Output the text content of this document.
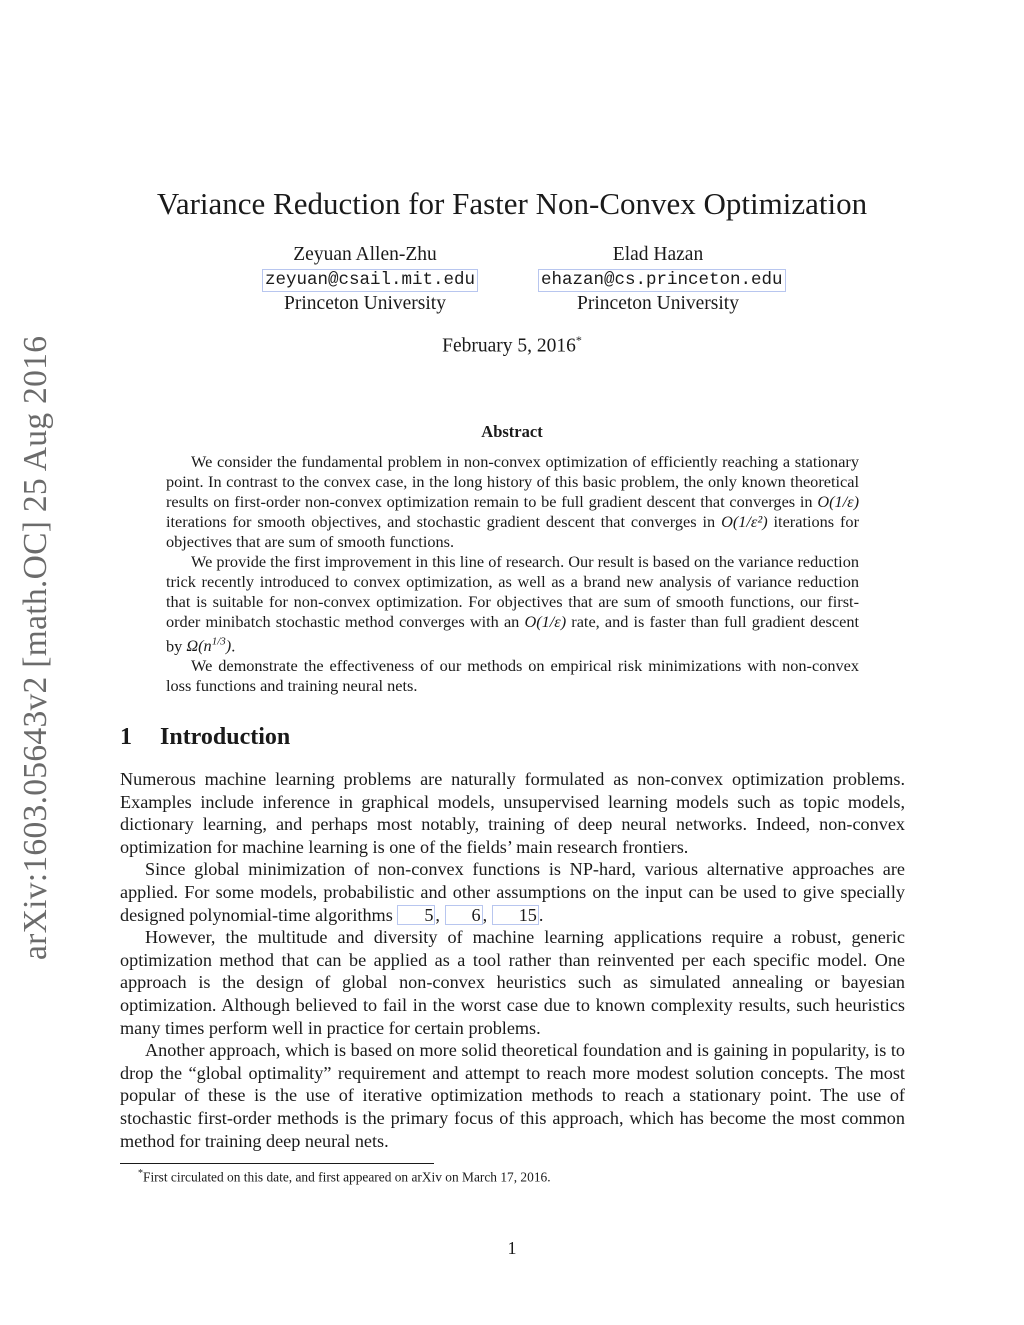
arXiv:1603.05643v2 [math.OC] 25 Aug 2016
Variance Reduction for Faster Non-Convex Optimization
Zeyuan Allen-Zhu
zeyuan@csail.mit.edu
Princeton University
Elad Hazan
ehazan@cs.princeton.edu
Princeton University
February 5, 2016*
Abstract

We consider the fundamental problem in non-convex optimization of efficiently reaching a stationary point. In contrast to the convex case, in the long history of this basic problem, the only known theoretical results on first-order non-convex optimization remain to be full gradient descent that converges in O(1/ε) iterations for smooth objectives, and stochastic gradient descent that converges in O(1/ε²) iterations for objectives that are sum of smooth functions.

We provide the first improvement in this line of research. Our result is based on the variance reduction trick recently introduced to convex optimization, as well as a brand new analysis of variance reduction that is suitable for non-convex optimization. For objectives that are sum of smooth functions, our first-order minibatch stochastic method converges with an O(1/ε) rate, and is faster than full gradient descent by $\Omega(n^{1/3})$.

We demonstrate the effectiveness of our methods on empirical risk minimizations with non-convex loss functions and training neural nets.

1 Introduction

Numerous machine learning problems are naturally formulated as non-convex optimization problems. Examples include inference in graphical models, unsupervised learning models such as topic models, dictionary learning, and perhaps most notably, training of deep neural networks. Indeed, non-convex optimization for machine learning is one of the fields’ main research frontiers.

Since global minimization of non-convex functions is NP-hard, various alternative approaches are applied. For some models, probabilistic and other assumptions on the input can be used to give specially designed polynomial-time algorithms 5 , 6 , 15 .

However, the multitude and diversity of machine learning applications require a robust, generic optimization method that can be applied as a tool rather than reinvented per each specific model. One approach is the design of global non-convex heuristics such as simulated annealing or bayesian optimization. Although believed to fail in the worst case due to known complexity results, such heuristics many times perform well in practice for certain problems.

Another approach, which is based on more solid theoretical foundation and is gaining in popularity, is to drop the “global optimality” requirement and attempt to reach more modest solution concepts. The most popular of these is the use of iterative optimization methods to reach a stationary point. The use of stochastic first-order methods is the primary focus of this approach, which has become the most common method for training deep neural nets.

*First circulated on this date, and first appeared on arXiv on March 17, 2016.
1
